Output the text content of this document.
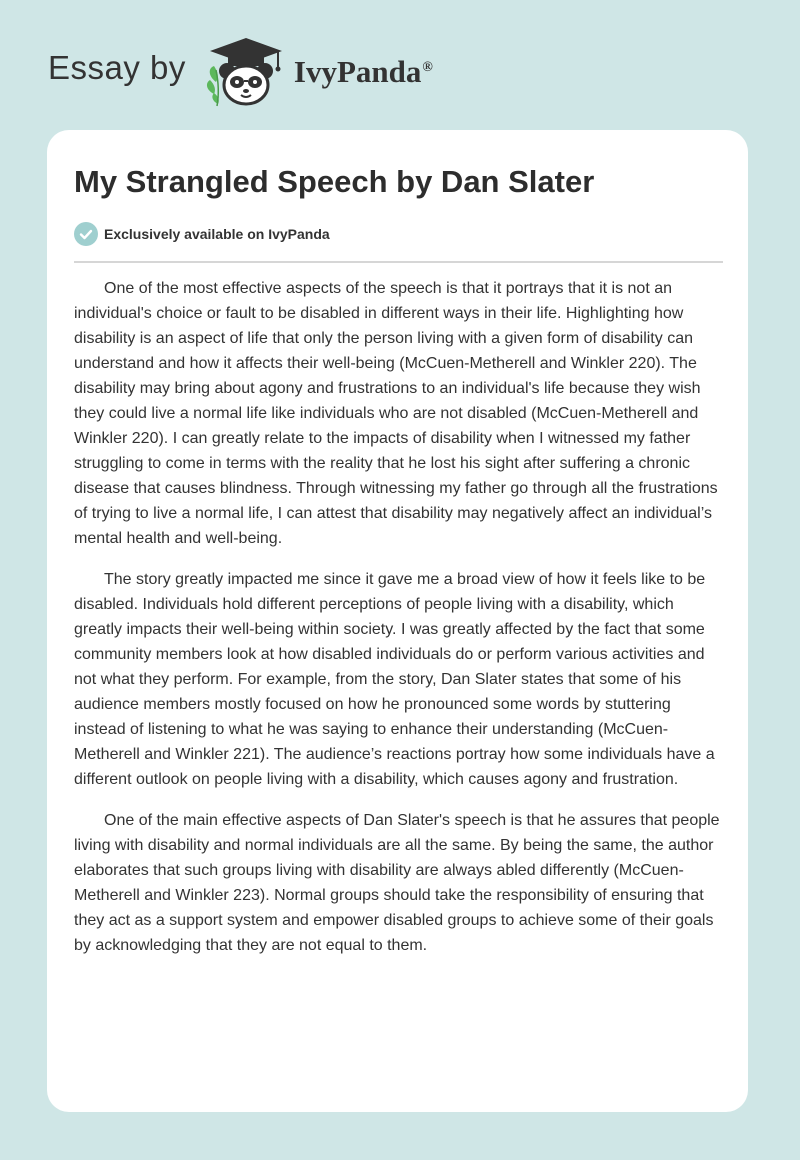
Essay by	IvyPanda®
My Strangled Speech by Dan Slater
Exclusively available on IvyPanda

One of the most effective aspects of the speech is that it portrays that it is not an individual's choice or fault to be disabled in different ways in their life. Highlighting how disability is an aspect of life that only the person living with a given form of disability can understand and how it affects their well-being (McCuen-Metherell and Winkler 220). The disability may bring about agony and frustrations to an individual's life because they wish they could live a normal life like individuals who are not disabled (McCuen-Metherell and Winkler 220). I can greatly relate to the impacts of disability when I witnessed my father struggling to come in terms with the reality that he lost his sight after suffering a chronic disease that causes blindness. Through witnessing my father go through all the frustrations of trying to live a normal life, I can attest that disability may negatively affect an individual’s mental health and well-being.

The story greatly impacted me since it gave me a broad view of how it feels like to be disabled. Individuals hold different perceptions of people living with a disability, which greatly impacts their well-being within society. I was greatly affected by the fact that some community members look at how disabled individuals do or perform various activities and not what they perform. For example, from the story, Dan Slater states that some of his audience members mostly focused on how he pronounced some words by stuttering instead of listening to what he was saying to enhance their understanding (McCuen-Metherell and Winkler 221). The audience’s reactions portray how some individuals have a different outlook on people living with a disability, which causes agony and frustration.

One of the main effective aspects of Dan Slater's speech is that he assures that people living with disability and normal individuals are all the same. By being the same, the author elaborates that such groups living with disability are always abled differently (McCuen-Metherell and Winkler 223). Normal groups should take the responsibility of ensuring that they act as a support system and empower disabled groups to achieve some of their goals by acknowledging that they are not equal to them.
